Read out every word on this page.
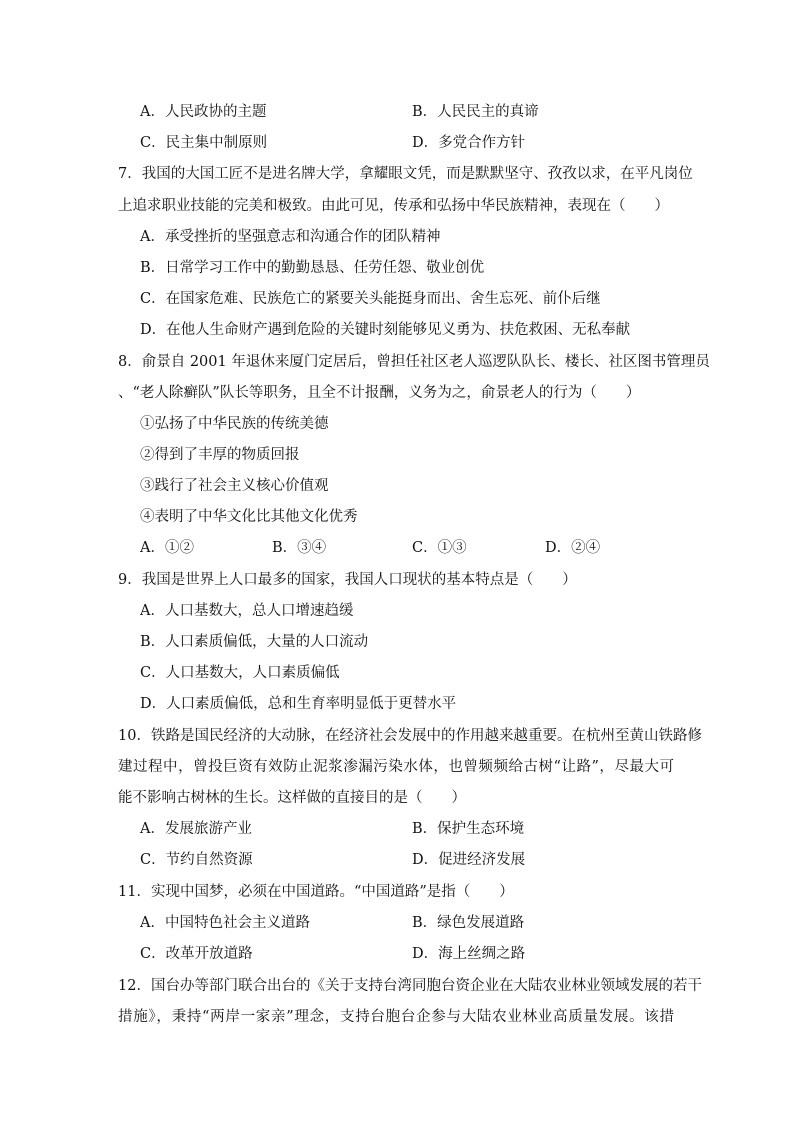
A．人民政协的主题	B．人民民主的真谛
C．民主集中制原则	D．多党合作方针
7．我国的大国工匠不是进名牌大学，拿耀眼文凭，而是默默坚守、孜孜以求，在平凡岗位
上追求职业技能的完美和极致。由此可见，传承和弘扬中华民族精神，表现在（　　）
A．承受挫折的坚强意志和沟通合作的团队精神
B．日常学习工作中的勤勤恳恳、任劳任怨、敬业创优
C．在国家危难、民族危亡的紧要关头能挺身而出、舍生忘死、前仆后继
D．在他人生命财产遇到危险的关键时刻能够见义勇为、扶危救困、无私奉献
8．俞景自 2001 年退休来厦门定居后，曾担任社区老人巡逻队队长、楼长、社区图书管理员
、“老人除癣队”队长等职务，且全不计报酬，义务为之，俞景老人的行为（　　）
①弘扬了中华民族的传统美德
②得到了丰厚的物质回报
③践行了社会主义核心价值观
④表明了中华文化比其他文化优秀
A．①②	B．③④	C．①③	D．②④
9．我国是世界上人口最多的国家，我国人口现状的基本特点是（　　）
A．人口基数大，总人口增速趋缓
B．人口素质偏低，大量的人口流动
C．人口基数大，人口素质偏低
D．人口素质偏低，总和生育率明显低于更替水平
10．铁路是国民经济的大动脉，在经济社会发展中的作用越来越重要。在杭州至黄山铁路修
建过程中，曾投巨资有效防止泥浆渗漏污染水体，也曾频频给古树“让路”，尽最大可
能不影响古树林的生长。这样做的直接目的是（　　）
A．发展旅游产业	B．保护生态环境
C．节约自然资源	D．促进经济发展
11．实现中国梦，必须在中国道路。“中国道路”是指（　　）
A．中国特色社会主义道路	B．绿色发展道路
C．改革开放道路	D．海上丝绸之路
12．国台办等部门联合出台的《关于支持台湾同胞台资企业在大陆农业林业领域发展的若干
措施》，秉持“两岸一家亲”理念，支持台胞台企参与大陆农业林业高质量发展。该措
